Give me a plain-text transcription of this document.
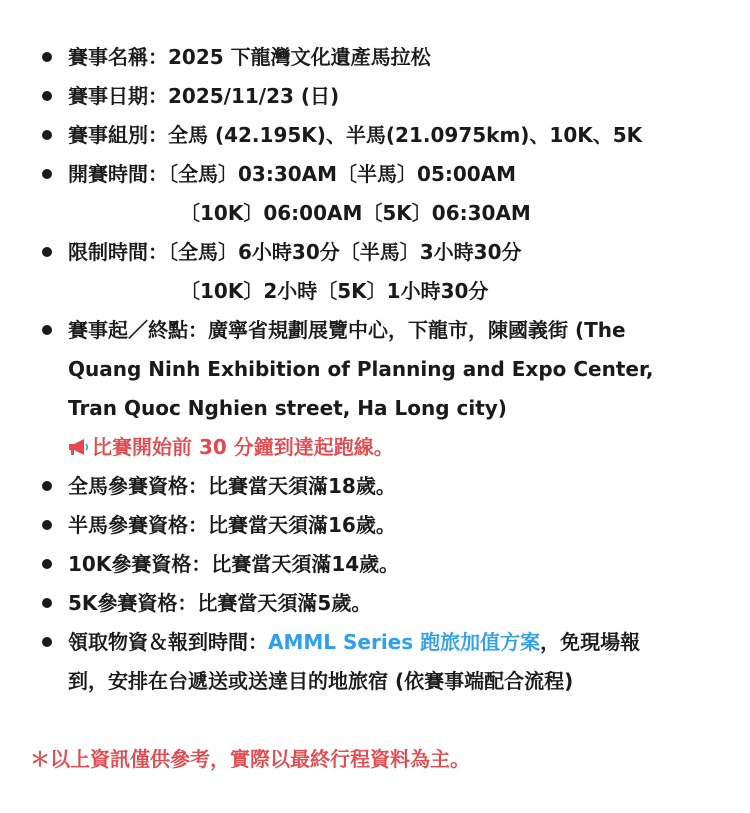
賽事名稱：2025 下龍灣文化遺產馬拉松
賽事日期：2025/11/23 (日)
賽事組別：全馬 (42.195K)、半馬(21.0975km)、10K、5K
開賽時間：〔全馬〕03:30AM〔半馬〕05:00AM
〔10K〕06:00AM〔5K〕06:30AM
限制時間：〔全馬〕6小時30分〔半馬〕3小時30分
〔10K〕2小時〔5K〕1小時30分
賽事起／終點：廣寧省規劃展覽中心，下龍市，陳國義街 (The
Quang Ninh Exhibition of Planning and Expo Center,
Tran Quoc Nghien street, Ha Long city)
比賽開始前 30 分鐘到達起跑線。
全馬參賽資格：比賽當天須滿18歲。
半馬參賽資格：比賽當天須滿16歲。
10K參賽資格：比賽當天須滿14歲。
5K參賽資格：比賽當天須滿5歲。
領取物資＆報到時間：AMML Series 跑旅加值方案，免現場報
到，安排在台遞送或送達目的地旅宿 (依賽事端配合流程)
＊以上資訊僅供參考，實際以最終行程資料為主。
